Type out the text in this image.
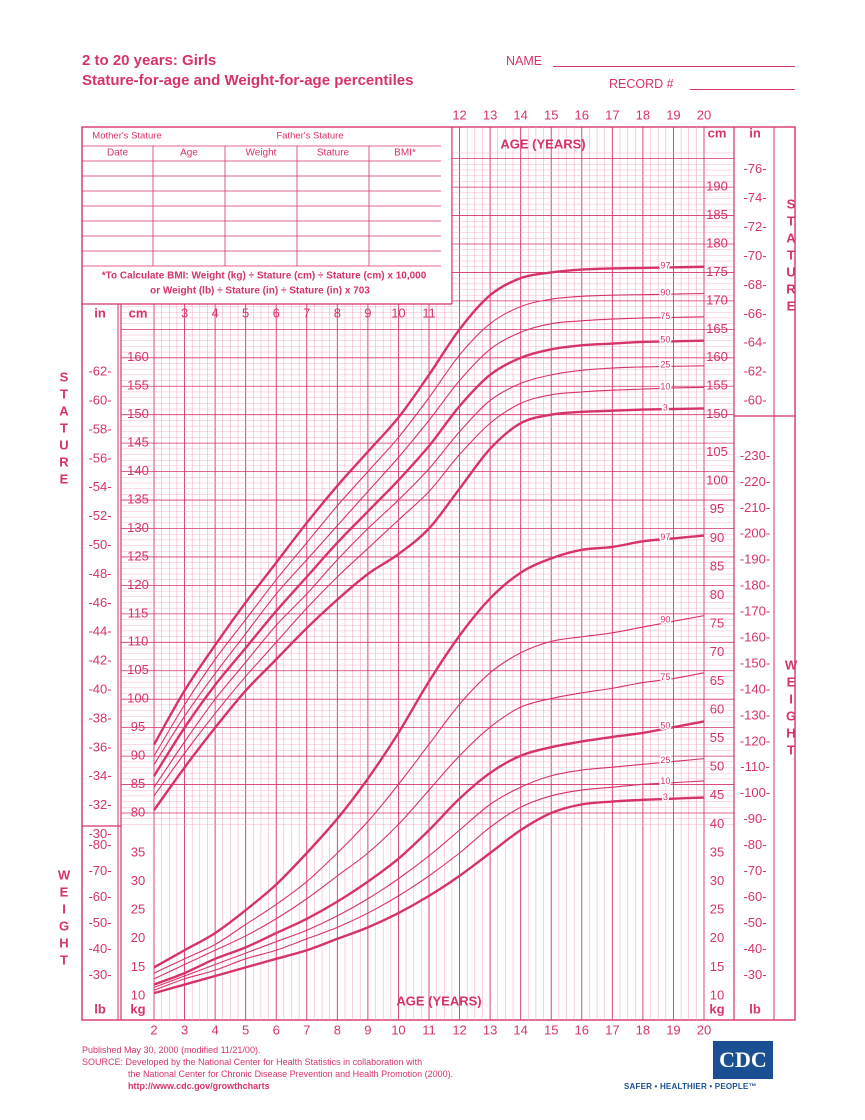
2 to 20 years: Girls
Stature-for-age and Weight-for-age percentiles
NAME
RECORD #
Mother's Stature	Father's Stature
Date	Age	Weight	Stature	BMI*
*To Calculate BMI: Weight (kg) ÷ Stature (cm) ÷ Stature (cm) x 10,000
or Weight (lb) ÷ Stature (in) ÷ Stature (in) x 703
12 13 14 15 16 17 18 19 20
2 3 4 5 6 7 8 9 10 11 12 13 14 15 16 17 18 19 20
3 4 5 6 7 8 9 10 11
AGE (YEARS)
AGE (YEARS)
80
85
90
95
100
105
110
115
120
125
130
135
140
145
150
155
160
150
155
160
165
170
175
180
185
190
-30-
-32-
-34-
-36-
-38-
-40-
-42-
-44-
-46-
-48-
-50-
-52-
-54-
-56-
-58-
-60-
-62-
-60-
-62-
-64-
-66-
-68-
-70-
-72-
-74-
-76-
in cm
cm in
10
15
20
25
30
35
10
15
20
25
30
35
40
45
50
55
60
65
70
75
80
85
90
95
100
105
-30-
-40-
-50-
-60-
-70-
-80-
-30-
-40-
-50-
-60-
-70-
-80-
-90-
-100-
-110-
-120-
-130-
-140-
-150-
-160-
-170-
-180-
-190-
-200-
-210-
-220-
-230-
lb kg	kg lb
S
T
A
T
U
R
E
S
T
A
T
U
R
E
W
E
I
G
H
T
W
E
I
G
H
T
97
90
75
50
25
10
3
97
90
75
50
25
10
3
Published May 30, 2000 (modified 11/21/00).
SOURCE: Developed by the National Center for Health Statistics in collaboration with
the National Center for Chronic Disease Prevention and Health Promotion (2000).
http://www.cdc.gov/growthcharts
CDC
SAFER • HEALTHIER • PEOPLE™
